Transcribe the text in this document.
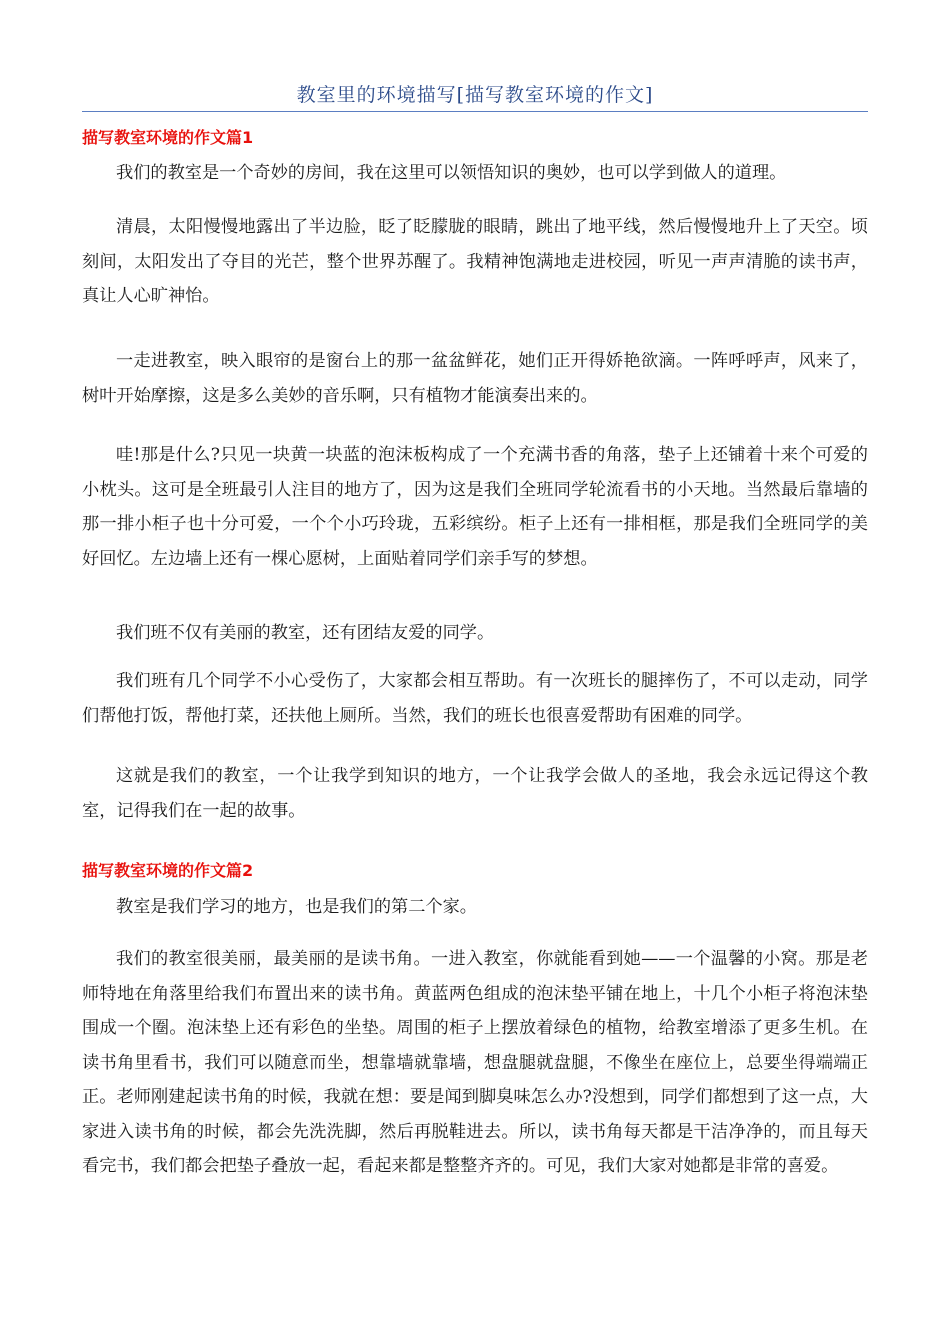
教室里的环境描写[描写教室环境的作文]
描写教室环境的作文篇1

我们的教室是一个奇妙的房间，我在这里可以领悟知识的奥妙，也可以学到做人的道理。

清晨，太阳慢慢地露出了半边脸，眨了眨朦胧的眼睛，跳出了地平线，然后慢慢地升上了天空。顷刻间，太阳发出了夺目的光芒，整个世界苏醒了。我精神饱满地走进校园，听见一声声清脆的读书声，真让人心旷神怡。

一走进教室，映入眼帘的是窗台上的那一盆盆鲜花，她们正开得娇艳欲滴。一阵呼呼声，风来了，树叶开始摩擦，这是多么美妙的音乐啊，只有植物才能演奏出来的。

哇!那是什么?只见一块黄一块蓝的泡沫板构成了一个充满书香的角落，垫子上还铺着十来个可爱的小枕头。这可是全班最引人注目的地方了，因为这是我们全班同学轮流看书的小天地。当然最后靠墙的那一排小柜子也十分可爱，一个个小巧玲珑，五彩缤纷。柜子上还有一排相框，那是我们全班同学的美好回忆。左边墙上还有一棵心愿树，上面贴着同学们亲手写的梦想。

我们班不仅有美丽的教室，还有团结友爱的同学。

我们班有几个同学不小心受伤了，大家都会相互帮助。有一次班长的腿摔伤了，不可以走动，同学们帮他打饭，帮他打菜，还扶他上厕所。当然，我们的班长也很喜爱帮助有困难的同学。

这就是我们的教室，一个让我学到知识的地方，一个让我学会做人的圣地，我会永远记得这个教室，记得我们在一起的故事。

描写教室环境的作文篇2

教室是我们学习的地方，也是我们的第二个家。

我们的教室很美丽，最美丽的是读书角。一进入教室，你就能看到她——一个温馨的小窝。那是老师特地在角落里给我们布置出来的读书角。黄蓝两色组成的泡沫垫平铺在地上，十几个小柜子将泡沫垫围成一个圈。泡沫垫上还有彩色的坐垫。周围的柜子上摆放着绿色的植物，给教室增添了更多生机。在读书角里看书，我们可以随意而坐，想靠墙就靠墙，想盘腿就盘腿，不像坐在座位上，总要坐得端端正正。老师刚建起读书角的时候，我就在想：要是闻到脚臭味怎么办?没想到，同学们都想到了这一点，大家进入读书角的时候，都会先洗洗脚，然后再脱鞋进去。所以，读书角每天都是干洁净净的，而且每天看完书，我们都会把垫子叠放一起，看起来都是整整齐齐的。可见，我们大家对她都是非常的喜爱。
